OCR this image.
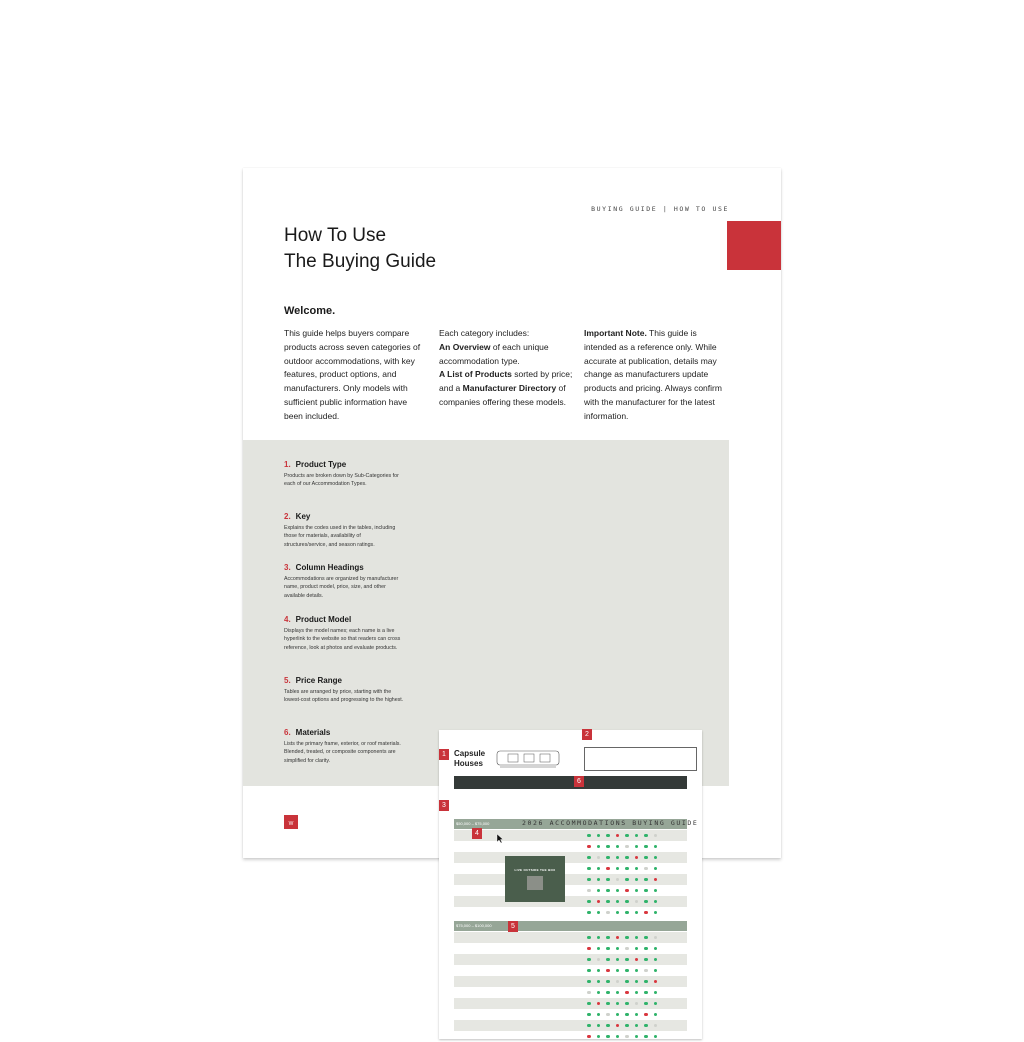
BUYING GUIDE | HOW TO USE
How To Use
The Buying Guide
Welcome.
This guide helps buyers compare products across seven categories of outdoor accommodations, with key features, product options, and manufacturers. Only models with sufficient public information have been included.
Each category includes:
An Overview of each unique accommodation type.
A List of Products sorted by price; and a Manufacturer Directory of companies offering these models.
Important Note. This guide is intended as a reference only. While accurate at publication, details may change as manufacturers update products and pricing. Always confirm with the manufacturer for the latest information.
1. Product Type
Products are broken down by Sub-Categories for each of our Accommodation Types.
2. Key
Explains the codes used in the tables, including those for materials, availability of structures/service, and season ratings.
3. Column Headings
Accommodations are organized by manufacturer name, product model, price, size, and other available details.
4. Product Model
Displays the model names; each name is a live hyperlink to the website so that readers can cross reference, look at photos and evaluate products.
5. Price Range
Tables are arranged by price, starting with the lowest-cost options and progressing to the highest.
6. Materials
Lists the primary frame, exterior, or roof materials. Blended, treated, or composite components are simplified for clarity.
1	Capsule
Houses
2
3
6
$50,000 – $75,000
$75,000 – $100,000	5
4
LIVE OUTSIDE THE BOX
W	2026 ACCOMMODATIONS BUYING GUIDE
